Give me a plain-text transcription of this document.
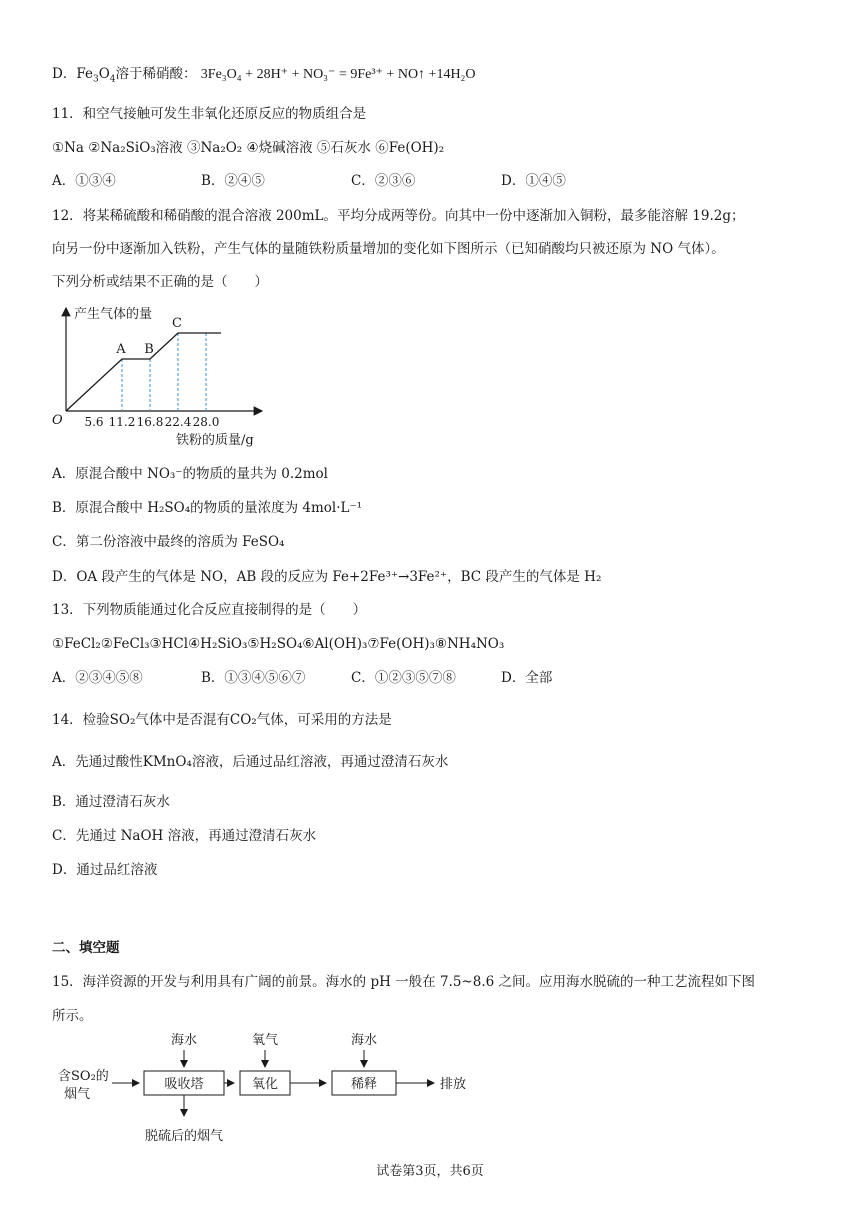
D．$Fe_3O_4$溶于稀硝酸： 3Fe₃O₄ + 28H⁺ + NO₃⁻ = 9Fe³⁺ + NO↑ +14H₂O
11．和空气接触可发生非氧化还原反应的物质组合是
①Na ②Na₂SiO₃溶液 ③Na₂O₂ ④烧碱溶液 ⑤石灰水 ⑥Fe(OH)₂
A．①③④	B．②④⑤	C．②③⑥	D．①④⑤
12．将某稀硫酸和稀硝酸的混合溶液 200mL。平均分成两等份。向其中一份中逐渐加入铜粉，最多能溶解 19.2g；
向另一份中逐渐加入铁粉，产生气体的量随铁粉质量增加的变化如下图所示（已知硝酸均只被还原为 NO 气体）。
下列分析或结果不正确的是（　　）
产生气体的量
铁粉的质量/g
O 5.6 11.2 16.8 22.4 28.0
A B
C
A．原混合酸中 NO₃⁻的物质的量共为 0.2mol
B．原混合酸中 H₂SO₄的物质的量浓度为 4mol·L⁻¹
C．第二份溶液中最终的溶质为 FeSO₄
D．OA 段产生的气体是 NO，AB 段的反应为 Fe+2Fe³⁺→3Fe²⁺，BC 段产生的气体是 H₂
13．下列物质能通过化合反应直接制得的是（　　）
①FeCl₂②FeCl₃③HCl④H₂SiO₃⑤H₂SO₄⑥Al(OH)₃⑦Fe(OH)₃⑧NH₄NO₃
A．②③④⑤⑧	B．①③④⑤⑥⑦	C．①②③⑤⑦⑧	D．全部
14．检验SO₂气体中是否混有CO₂气体，可采用的方法是
A．先通过酸性KMnO₄溶液，后通过品红溶液，再通过澄清石灰水
B．通过澄清石灰水
C．先通过 NaOH 溶液，再通过澄清石灰水
D．通过品红溶液
二、填空题
15．海洋资源的开发与利用具有广阔的前景。海水的 pH 一般在 7.5~8.6 之间。应用海水脱硫的一种工艺流程如下图
所示。
含SO₂的
烟气
吸收塔
海水
脱硫后的烟气
氧化
氧气
稀释
海水
排放
试卷第3页，共6页
